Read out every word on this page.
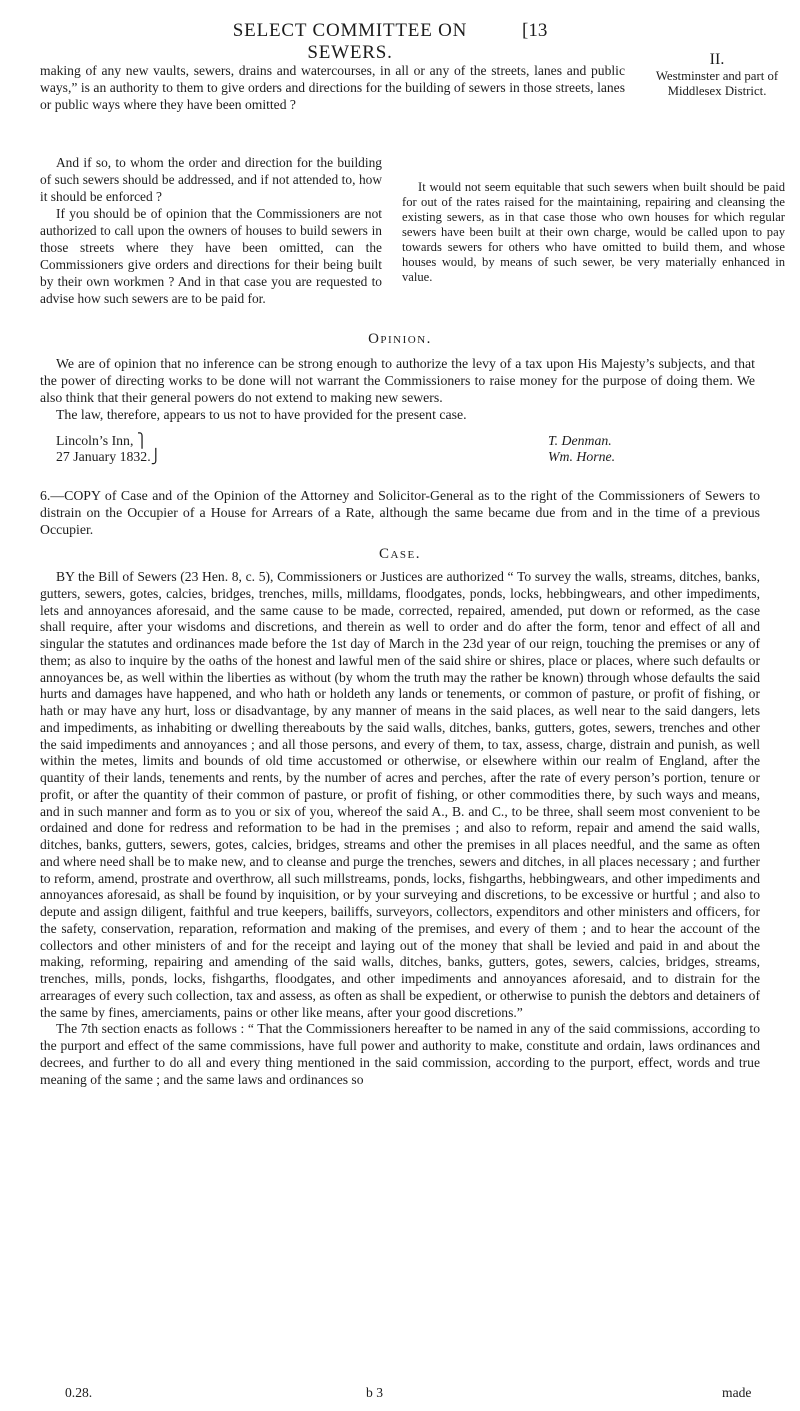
SELECT COMMITTEE ON SEWERS.
[13
making of any new vaults, sewers, drains and watercourses, in all or any of the streets, lanes and public ways,” is an authority to them to give orders and directions for the building of sewers in those streets, lanes or public ways where they have been omitted ?
II.
Westminster and part of Middlesex District.

And if so, to whom the order and direction for the building of such sewers should be addressed, and if not attended to, how it should be enforced ?

If you should be of opinion that the Commissioners are not authorized to call upon the owners of houses to build sewers in those streets where they have been omitted, can the Commissioners give orders and directions for their being built by their own workmen ? And in that case you are requested to advise how such sewers are to be paid for.

It would not seem equitable that such sewers when built should be paid for out of the rates raised for the maintaining, repairing and cleansing the existing sewers, as in that case those who own houses for which regular sewers have been built at their own charge, would be called upon to pay towards sewers for others who have omitted to build them, and whose houses would, by means of such sewer, be very materially enhanced in value.

Opinion.

We are of opinion that no inference can be strong enough to authorize the levy of a tax upon His Majesty’s subjects, and that the power of directing works to be done will not warrant the Commissioners to raise money for the purpose of doing them. We also think that their general powers do not extend to making new sewers.

The law, therefore, appears to us not to have provided for the present case.

Lincoln’s Inn, ⎫
27 January 1832.⎭
T. Denman.
Wm. Horne.
6.—COPY of Case and of the Opinion of the Attorney and Solicitor-General as to the right of the Commissioners of Sewers to distrain on the Occupier of a House for Arrears of a Rate, although the same became due from and in the time of a previous Occupier.
Case.

BY the Bill of Sewers (23 Hen. 8, c. 5), Commissioners or Justices are authorized “ To survey the walls, streams, ditches, banks, gutters, sewers, gotes, calcies, bridges, trenches, mills, milldams, floodgates, ponds, locks, hebbingwears, and other impediments, lets and annoyances aforesaid, and the same cause to be made, corrected, repaired, amended, put down or reformed, as the case shall require, after your wisdoms and discretions, and therein as well to order and do after the form, tenor and effect of all and singular the statutes and ordinances made before the 1st day of March in the 23d year of our reign, touching the premises or any of them; as also to inquire by the oaths of the honest and lawful men of the said shire or shires, place or places, where such defaults or annoyances be, as well within the liberties as without (by whom the truth may the rather be known) through whose defaults the said hurts and damages have happened, and who hath or holdeth any lands or tenements, or common of pasture, or profit of fishing, or hath or may have any hurt, loss or disadvantage, by any manner of means in the said places, as well near to the said dangers, lets and impediments, as inhabiting or dwelling thereabouts by the said walls, ditches, banks, gutters, gotes, sewers, trenches and other the said impediments and annoyances ; and all those persons, and every of them, to tax, assess, charge, distrain and punish, as well within the metes, limits and bounds of old time accustomed or otherwise, or elsewhere within our realm of England, after the quantity of their lands, tenements and rents, by the number of acres and perches, after the rate of every person’s portion, tenure or profit, or after the quantity of their common of pasture, or profit of fishing, or other commodities there, by such ways and means, and in such manner and form as to you or six of you, whereof the said A., B. and C., to be three, shall seem most convenient to be ordained and done for redress and reformation to be had in the premises ; and also to reform, repair and amend the said walls, ditches, banks, gutters, sewers, gotes, calcies, bridges, streams and other the premises in all places needful, and the same as often and where need shall be to make new, and to cleanse and purge the trenches, sewers and ditches, in all places necessary ; and further to reform, amend, prostrate and overthrow, all such millstreams, ponds, locks, fishgarths, hebbingwears, and other impediments and annoyances aforesaid, as shall be found by inquisition, or by your surveying and discretions, to be excessive or hurtful ; and also to depute and assign diligent, faithful and true keepers, bailiffs, surveyors, collectors, expenditors and other ministers and officers, for the safety, conservation, reparation, reformation and making of the premises, and every of them ; and to hear the account of the collectors and other ministers of and for the receipt and laying out of the money that shall be levied and paid in and about the making, reforming, repairing and amending of the said walls, ditches, banks, gutters, gotes, sewers, calcies, bridges, streams, trenches, mills, ponds, locks, fishgarths, floodgates, and other impediments and annoyances aforesaid, and to distrain for the arrearages of every such collection, tax and assess, as often as shall be expedient, or otherwise to punish the debtors and detainers of the same by fines, amerciaments, pains or other like means, after your good discretions.”

The 7th section enacts as follows : “ That the Commissioners hereafter to be named in any of the said commissions, according to the purport and effect of the same commissions, have full power and authority to make, constitute and ordain, laws ordinances and decrees, and further to do all and every thing mentioned in the said commission, according to the purport, effect, words and true meaning of the same ; and the same laws and ordinances so

0.28.	b 3	made
